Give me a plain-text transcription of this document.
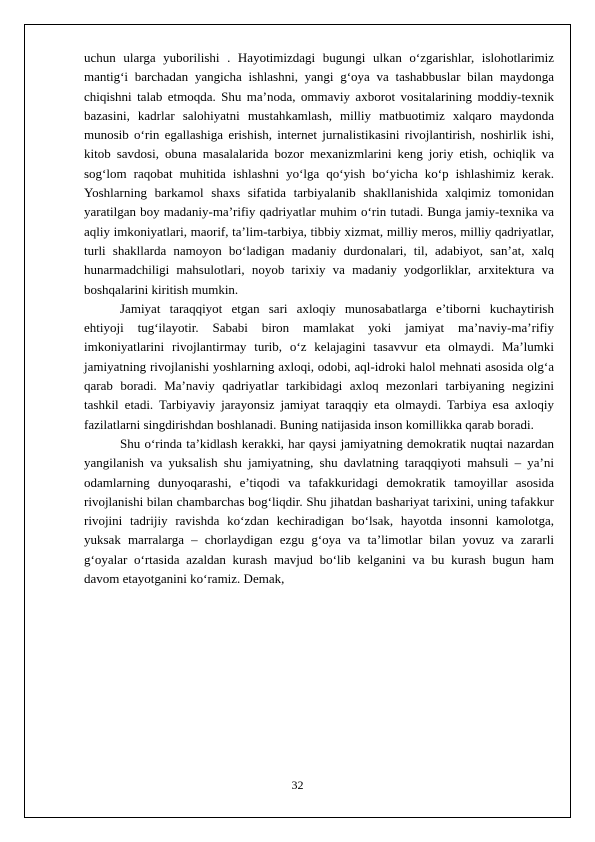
uchun ularga yuborilishi . Hayotimizdagi bugungi ulkan o‘zgarishlar, islohotlarimiz mantig‘i barchadan yangicha ishlashni, yangi g‘oya va tashabbuslar bilan maydonga chiqishni talab etmoqda. Shu ma’noda, ommaviy axborot vositalarining moddiy-texnik bazasini, kadrlar salohiyatni mustahkamlash, milliy matbuotimiz xalqaro maydonda munosib o‘rin egallashiga erishish, internet jurnalistikasini rivojlantirish, noshirlik ishi, kitob savdosi, obuna masalalarida bozor mexanizmlarini keng joriy etish, ochiqlik va sog‘lom raqobat muhitida ishlashni yo‘lga qo‘yish bo‘yicha ko‘p ishlashimiz kerak. Yoshlarning barkamol shaxs sifatida tarbiyalanib shakllanishida xalqimiz tomonidan yaratilgan boy madaniy-ma’rifiy qadriyatlar muhim o‘rin tutadi. Bunga jamiy-texnika va aqliy imkoniyatlari, maorif, ta’lim-tarbiya, tibbiy xizmat, milliy meros, milliy qadriyatlar, turli shakllarda namoyon bo‘ladigan madaniy durdonalari, til, adabiyot, san’at, xalq hunarmadchiligi mahsulotlari, noyob tarixiy va madaniy yodgorliklar, arxitektura va boshqalarini kiritish mumkin.

Jamiyat taraqqiyot etgan sari axloqiy munosabatlarga e’tiborni kuchaytirish ehtiyoji tug‘ilayotir. Sababi biron mamlakat yoki jamiyat ma’naviy-ma’rifiy imkoniyatlarini rivojlantirmay turib, o‘z kelajagini tasavvur eta olmaydi. Ma’lumki jamiyatning rivojlanishi yoshlarning axloqi, odobi, aql-idroki halol mehnati asosida olg‘a qarab boradi. Ma’naviy qadriyatlar tarkibidagi axloq mezonlari tarbiyaning negizini tashkil etadi. Tarbiyaviy jarayonsiz jamiyat taraqqiy eta olmaydi. Tarbiya esa axloqiy fazilatlarni singdirishdan boshlanadi. Buning natijasida inson komillikka qarab boradi.

Shu o‘rinda ta’kidlash kerakki, har qaysi jamiyatning demokratik nuqtai nazardan yangilanish va yuksalish shu jamiyatning, shu davlatning taraqqiyoti mahsuli – ya’ni odamlarning dunyoqarashi, e’tiqodi va tafakkuridagi demokratik tamoyillar asosida rivojlanishi bilan chambarchas bog‘liqdir. Shu jihatdan bashariyat tarixini, uning tafakkur rivojini tadrijiy ravishda ko‘zdan kechiradigan bo‘lsak, hayotda insonni kamolotga, yuksak marralarga – chorlaydigan ezgu g‘oya va ta’limotlar bilan yovuz va zararli g‘oyalar o‘rtasida azaldan kurash mavjud bo‘lib kelganini va bu kurash bugun ham davom etayotganini ko‘ramiz. Demak,

32
